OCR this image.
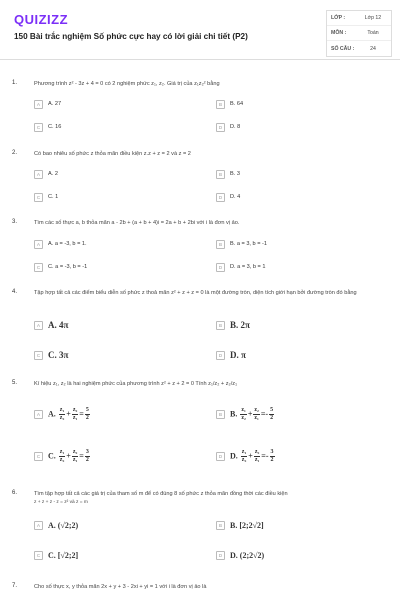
QUIZIZZ
150 Bài trắc nghiệm Số phức cực hay có lời giải chi tiết (P2)
LỚP :	Lớp 12
MÔN :	Toán
SỐ CÂU :	24
1.	Phương trình z² - 3z + 4 = 0 có 2 nghiệm phức z₁, z₂. Giá trị của z₁z₂² bằng
A	A. 27	B	B. 64
C	C. 16	D	D. 8
2.	Có bao nhiêu số phức z thỏa mãn điều kiện z.z + z = 2 và z = 2
A	A. 2	B	B. 3
C	C. 1	D	D. 4
3.	Tìm các số thực a, b thỏa mãn a - 2b + (a + b + 4)i = 2a + b + 2bi với i là đơn vị ảo.
A	A. a = -3, b = 1.	B	B. a = 3, b = -1
C	C. a = -3, b = -1	D	D. a = 3, b = 1
4.	Tập hợp tất cả các điểm biểu diễn số phức z thoả mãn z² + z + z = 0 là một đường tròn, diện tích giới hạn bởi đường tròn đó bằng
A A. 4π	B B. 2π
C C. 3π	D D. π
5.	Kí hiệu z₁, z₂ là hai nghiệm phức của phương trình z² + z + 2 = 0 Tính z₁/z₂ + z₂/z₁
A	A. $\frac{\text{z₁}}{\text{z₂}} + \frac{\text{z₂}}{\text{z₁}} = \frac{5}{2}$	B	B. $\frac{\text{z₁}}{\text{z₂}} + \frac{\text{z₂}}{\text{z₁}} =- \frac{5}{2}$
C C. $\frac{\text{z₁}}{\text{z₂}} + \frac{\text{z₂}}{\text{z₁}} = \frac{3}{2}$	D D. $\frac{\text{z₁}}{\text{z₂}} + \frac{\text{z₂}}{\text{z₁}} =- \frac{3}{2}$
6.	Tìm tập hợp tất cả các giá trị của tham số m để có đúng 8 số phức z thỏa mãn đồng thời các điều kiện
z + z + z - z = z² và z = m
A	A. (√2;2)	B	B. [2;2√2]
C C. [√2;2]	D D. (2;2√2)
7.	Cho số thực x, y thỏa mãn 2x + y + 3 - 2xi + yi = 1 với i là đơn vị ảo là
